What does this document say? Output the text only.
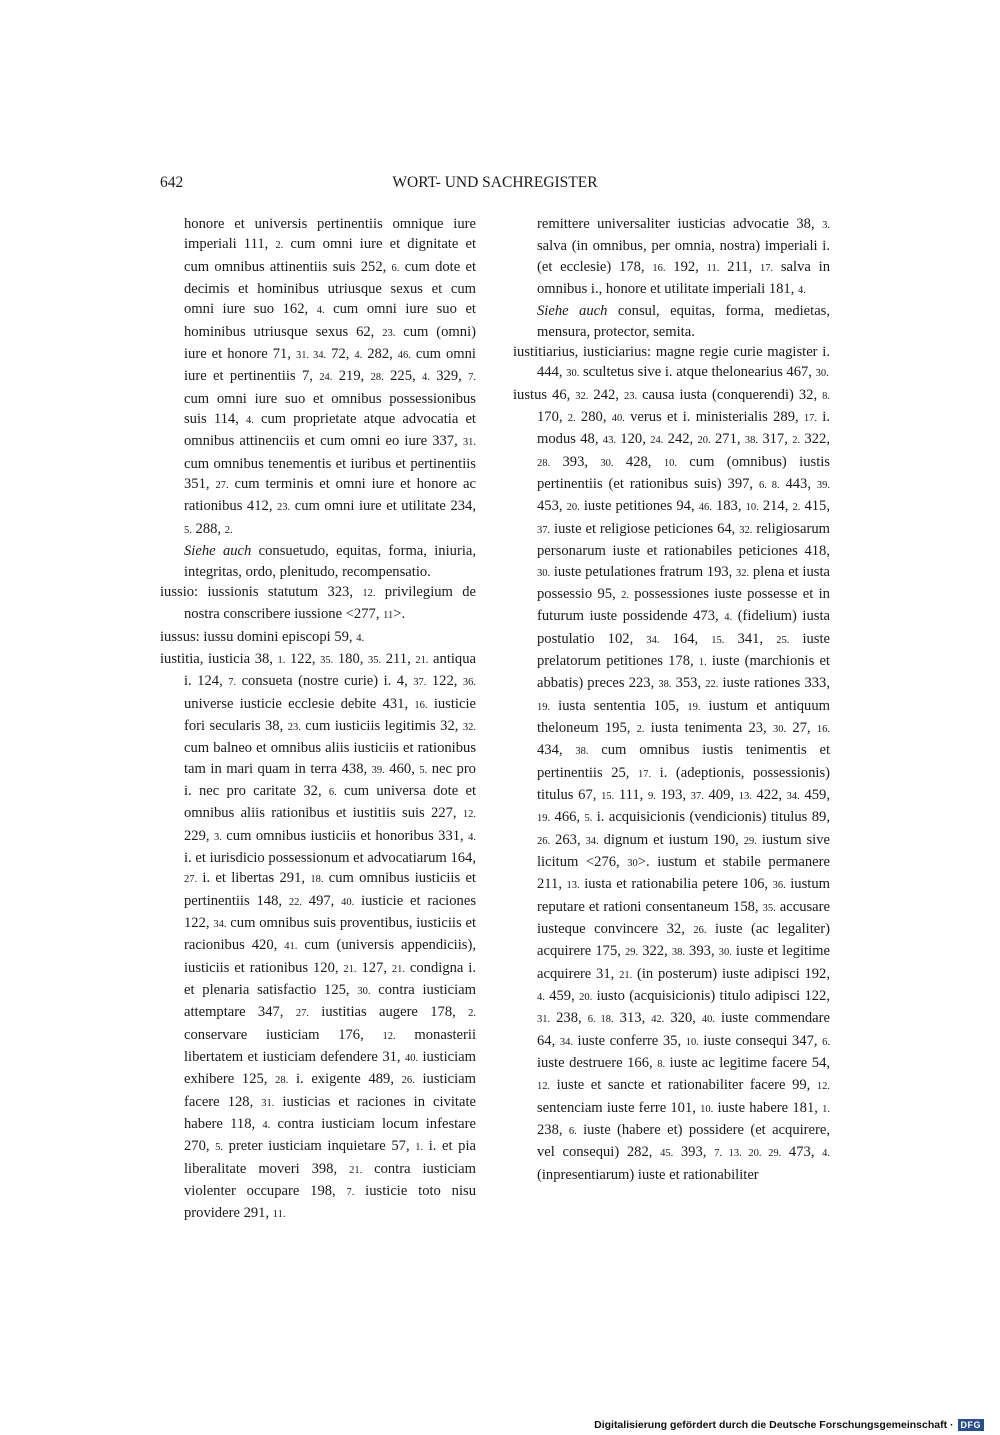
642	WORT- UND SACHREGISTER

honore et universis pertinentiis omnique iure imperiali 111, 2. cum omni iure et dignitate et cum omnibus attinentiis suis 252, 6. cum dote et decimis et hominibus utriusque sexus et cum omni iure suo 162, 4. cum omni iure suo et hominibus utriusque sexus 62, 23. cum (omni) iure et honore 71, 31. 34. 72, 4. 282, 46. cum omni iure et pertinentiis 7, 24. 219, 28. 225, 4. 329, 7. cum omni iure suo et omnibus possessionibus suis 114, 4. cum proprietate atque advocatia et omnibus attinenciis et cum omni eo iure 337, 31. cum omnibus tenementis et iuribus et pertinentiis 351, 27. cum terminis et omni iure et honore ac rationibus 412, 23. cum omni iure et utilitate 234, 5. 288, 2.

Siehe auch consuetudo, equitas, forma, iniuria, integritas, ordo, plenitudo, recompensatio.

iussio: iussionis statutum 323, 12. privilegium de nostra conscribere iussione <277, 11>.

iussus: iussu domini episcopi 59, 4.

iustitia, iusticia 38, 1. 122, 35. 180, 35. 211, 21. antiqua i. 124, 7. consueta (nostre curie) i. 4, 37. 122, 36. universe iusticie ecclesie debite 431, 16. iusticie fori secularis 38, 23. cum iusticiis legitimis 32, 32. cum balneo et omnibus aliis iusticiis et rationibus tam in mari quam in terra 438, 39. 460, 5. nec pro i. nec pro caritate 32, 6. cum universa dote et omnibus aliis rationibus et iustitiis suis 227, 12. 229, 3. cum omnibus iusticiis et honoribus 331, 4. i. et iurisdicio possessionum et advocatiarum 164, 27. i. et libertas 291, 18. cum omnibus iusticiis et pertinentiis 148, 22. 497, 40. iusticie et raciones 122, 34. cum omnibus suis proventibus, iusticiis et racionibus 420, 41. cum (universis appendiciis), iusticiis et rationibus 120, 21. 127, 21. condigna i. et plenaria satisfactio 125, 30. contra iusticiam attemptare 347, 27. iustitias augere 178, 2. conservare iusticiam 176, 12. monasterii libertatem et iusticiam defendere 31, 40. iusticiam exhibere 125, 28. i. exigente 489, 26. iusticiam facere 128, 31. iusticias et raciones in civitate habere 118, 4. contra iusticiam locum infestare 270, 5. preter iusticiam inquietare 57, 1. i. et pia liberalitate moveri 398, 21. contra iusticiam violenter occupare 198, 7. iusticie toto nisu providere 291, 11.

remittere universaliter iusticias advocatie 38, 3. salva (in omnibus, per omnia, nostra) imperiali i. (et ecclesie) 178, 16. 192, 11. 211, 17. salva in omnibus i., honore et utilitate imperiali 181, 4.

Siehe auch consul, equitas, forma, medietas, mensura, protector, semita.

iustitiarius, iusticiarius: magne regie curie magister i. 444, 30. scultetus sive i. atque thelonearius 467, 30.

iustus 46, 32. 242, 23. causa iusta (conquerendi) 32, 8. 170, 2. 280, 40. verus et i. ministerialis 289, 17. i. modus 48, 43. 120, 24. 242, 20. 271, 38. 317, 2. 322, 28. 393, 30. 428, 10. cum (omnibus) iustis pertinentiis (et rationibus suis) 397, 6. 8. 443, 39. 453, 20. iuste petitiones 94, 46. 183, 10. 214, 2. 415, 37. iuste et religiose peticiones 64, 32. religiosarum personarum iuste et rationabiles peticiones 418, 30. iuste petulationes fratrum 193, 32. plena et iusta possessio 95, 2. possessiones iuste possesse et in futurum iuste possidende 473, 4. (fidelium) iusta postulatio 102, 34. 164, 15. 341, 25. iuste prelatorum petitiones 178, 1. iuste (marchionis et abbatis) preces 223, 38. 353, 22. iuste rationes 333, 19. iusta sententia 105, 19. iustum et antiquum theloneum 195, 2. iusta tenimenta 23, 30. 27, 16. 434, 38. cum omnibus iustis tenimentis et pertinentiis 25, 17. i. (adeptionis, possessionis) titulus 67, 15. 111, 9. 193, 37. 409, 13. 422, 34. 459, 19. 466, 5. i. acquisicionis (vendicionis) titulus 89, 26. 263, 34. dignum et iustum 190, 29. iustum sive licitum <276, 30>. iustum et stabile permanere 211, 13. iusta et rationabilia petere 106, 36. iustum reputare et rationi consentaneum 158, 35. accusare iusteque convincere 32, 26. iuste (ac legaliter) acquirere 175, 29. 322, 38. 393, 30. iuste et legitime acquirere 31, 21. (in posterum) iuste adipisci 192, 4. 459, 20. iusto (acquisicionis) titulo adipisci 122, 31. 238, 6. 18. 313, 42. 320, 40. iuste commendare 64, 34. iuste conferre 35, 10. iuste consequi 347, 6. iuste destruere 166, 8. iuste ac legitime facere 54, 12. iuste et sancte et rationabiliter facere 99, 12. sentenciam iuste ferre 101, 10. iuste habere 181, 1. 238, 6. iuste (habere et) possidere (et acquirere, vel consequi) 282, 45. 393, 7. 13. 20. 29. 473, 4. (inpresentiarum) iuste et rationabiliter

Digitalisierung gefördert durch die Deutsche Forschungsgemeinschaft · DFG
